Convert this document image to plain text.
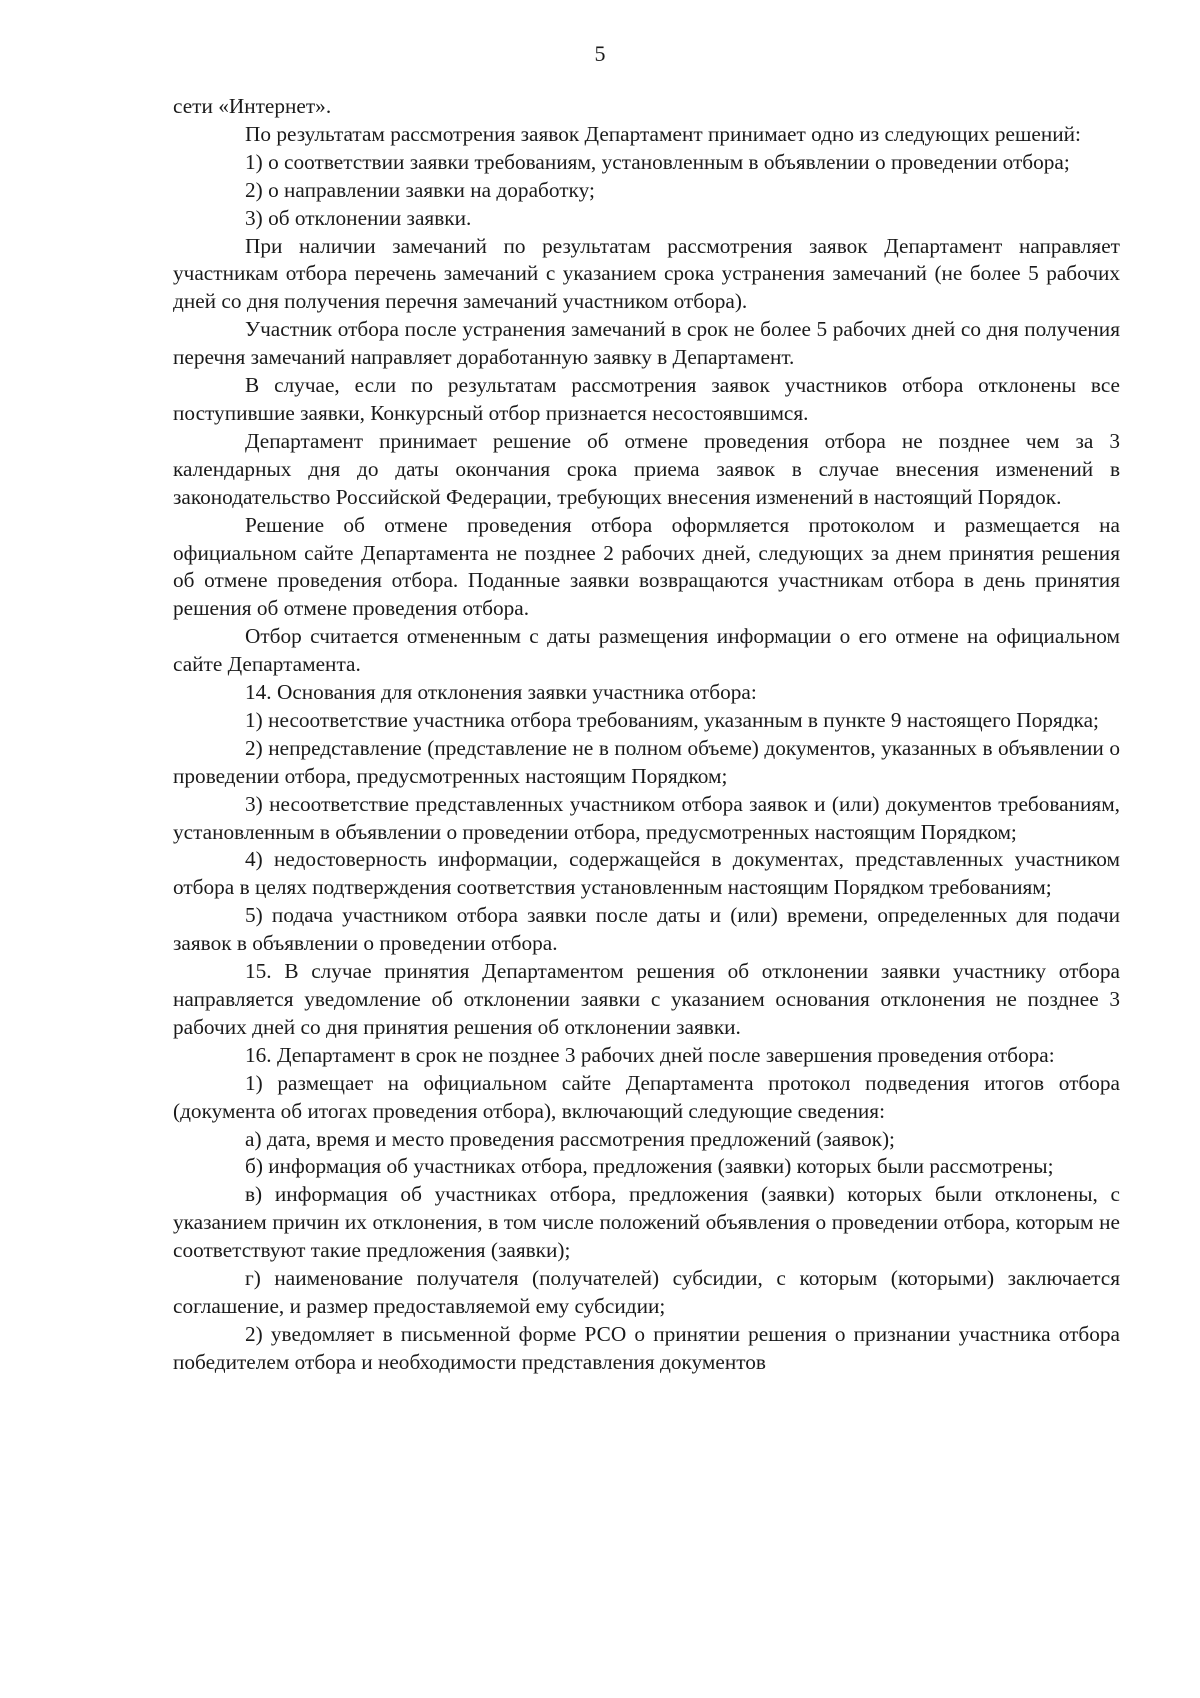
5

сети «Интернет».

По результатам рассмотрения заявок Департамент принимает одно из следующих решений:

1) о соответствии заявки требованиям, установленным в объявлении о проведении отбора;

2) о направлении заявки на доработку;

3) об отклонении заявки.

При наличии замечаний по результатам рассмотрения заявок Департамент направляет участникам отбора перечень замечаний с указанием срока устранения замечаний (не более 5 рабочих дней со дня получения перечня замечаний участником отбора).

Участник отбора после устранения замечаний в срок не более 5 рабочих дней со дня получения перечня замечаний направляет доработанную заявку в Департамент.

В случае, если по результатам рассмотрения заявок участников отбора отклонены все поступившие заявки, Конкурсный отбор признается несостоявшимся.

Департамент принимает решение об отмене проведения отбора не позднее чем за 3 календарных дня до даты окончания срока приема заявок в случае внесения изменений в законодательство Российской Федерации, требующих внесения изменений в настоящий Порядок.

Решение об отмене проведения отбора оформляется протоколом и размещается на официальном сайте Департамента не позднее 2 рабочих дней, следующих за днем принятия решения об отмене проведения отбора. Поданные заявки возвращаются участникам отбора в день принятия решения об отмене проведения отбора.

Отбор считается отмененным с даты размещения информации о его отмене на официальном сайте Департамента.

14. Основания для отклонения заявки участника отбора:

1) несоответствие участника отбора требованиям, указанным в пункте 9 настоящего Порядка;

2) непредставление (представление не в полном объеме) документов, указанных в объявлении о проведении отбора, предусмотренных настоящим Порядком;

3) несоответствие представленных участником отбора заявок и (или) документов требованиям, установленным в объявлении о проведении отбора, предусмотренных настоящим Порядком;

4) недостоверность информации, содержащейся в документах, представленных участником отбора в целях подтверждения соответствия установленным настоящим Порядком требованиям;

5) подача участником отбора заявки после даты и (или) времени, определенных для подачи заявок в объявлении о проведении отбора.

15. В случае принятия Департаментом решения об отклонении заявки участнику отбора направляется уведомление об отклонении заявки с указанием основания отклонения не позднее 3 рабочих дней со дня принятия решения об отклонении заявки.

16. Департамент в срок не позднее 3 рабочих дней после завершения проведения отбора:

1) размещает на официальном сайте Департамента протокол подведения итогов отбора (документа об итогах проведения отбора), включающий следующие сведения:

а) дата, время и место проведения рассмотрения предложений (заявок);

б) информация об участниках отбора, предложения (заявки) которых были рассмотрены;

в) информация об участниках отбора, предложения (заявки) которых были отклонены, с указанием причин их отклонения, в том числе положений объявления о проведении отбора, которым не соответствуют такие предложения (заявки);

г) наименование получателя (получателей) субсидии, с которым (которыми) заключается соглашение, и размер предоставляемой ему субсидии;

2) уведомляет в письменной форме РСО о принятии решения о признании участника отбора победителем отбора и необходимости представления документов
